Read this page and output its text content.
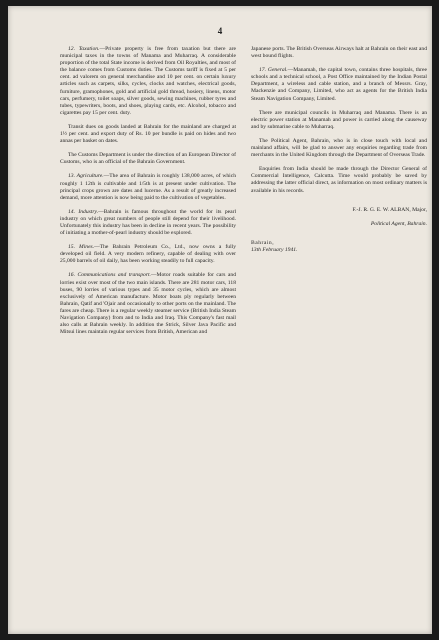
4

12. Taxation.—Private property is free from taxation but there are municipal taxes in the towns of Manama and Muharraq. A considerable proportion of the total State income is derived from Oil Royalties, and most of the balance comes from Customs duties. The Customs tariff is fixed at 5 per cent. ad valorem on general merchandise and 10 per cent. on certain luxury articles such as carpets, silks, cycles, clocks and watches, electrical goods, furniture, gramophones, gold and artificial gold thread, hosiery, linens, motor cars, perfumery, toilet soaps, silver goods, sewing machines, rubber tyres and tubes, typewriters, boots, and shoes, playing cards, etc. Alcohol, tobacco and cigarettes pay 15 per cent. duty.

Transit dues on goods landed at Bahrain for the mainland are charged at 1½ per cent. and export duty of Rs. 10 per bundle is paid on hides and two annas per basket on dates.

The Customs Department is under the direction of an European Director of Customs, who is an official of the Bahrain Government.

13. Agriculture.—The area of Bahrain is roughly 138,000 acres, of which roughly 1 12th is cultivable and 1/5th is at present under cultivation. The principal crops grown are dates and lucerne. As a result of greatly increased demand, more attention is now being paid to the cultivation of vegetables.

14. Industry.—Bahrain is famous throughout the world for its pearl industry on which great numbers of people still depend for their livelihood. Unfortunately this industry has been in decline in recent years. The possibility of initiating a mother-of-pearl industry should be explored.

15. Mines.—The Bahrain Petroleum Co., Ltd., now owns a fully developed oil field. A very modern refinery, capable of dealing with over 25,000 barrels of oil daily, has been working steadily to full capacity.

16. Communications and transport.—Motor roads suitable for cars and lorries exist over most of the two main islands. There are 281 motor cars, 118 buses, 90 lorries of various types and 35 motor cycles, which are almost exclusively of American manufacture. Motor boats ply regularly between Bahrain, Qatif and 'Ojair and occasionally to other ports on the mainland. The fares are cheap. There is a regular weekly steamer service (British India Steam Navigation Company) from and to India and Iraq. This Company's fast mail also calls at Bahrain weekly. In addition the Strick, Silver Java Pacific and Mitsui lines maintain regular services from British, American and

Japanese ports. The British Overseas Airways halt at Bahrain on their east and west bound flights.

17. General.—Manamah, the capital town, contains three hospitals, three schools and a technical school, a Post Office maintained by the Indian Postal Department, a wireless and cable station, and a branch of Messrs. Gray, Mackenzie and Company, Limited, who act as agents for the British India Steam Navigation Company, Limited.

There are municipal councils in Muharraq and Manama. There is an electric power station at Manamah and power is carried along the causeway and by submarine cable to Muharraq.

The Political Agent, Bahrain, who is in close touch with local and mainland affairs, will be glad to answer any enquiries regarding trade from merchants in the United Kingdom through the Department of Overseas Trade.

Enquiries from India should be made through the Director General of Commercial Intelligence, Calcutta. Time would probably be saved by addressing the latter official direct, as information on most ordinary matters is available in his records.

F.-J. R. G. E. W. ALBAN, Major,

Political Agent, Bahrain.

Bahrain,

13th February 1941.
